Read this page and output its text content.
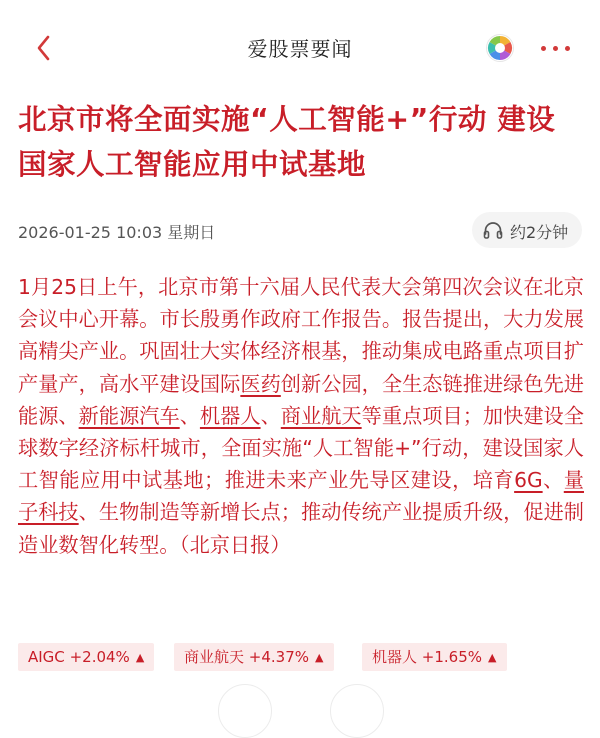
爱股票要闻
北京市将全面实施“人工智能+”行动 建设国家人工智能应用中试基地
2026-01-25 10:03 星期日	约2分钟
1月25日上午，北京市第十六届人民代表大会第四次会议在北京会议中心开幕。市长殷勇作政府工作报告。报告提出，大力发展高精尖产业。巩固壮大实体经济根基，推动集成电路重点项目扩产量产，高水平建设国际医药创新公园，全生态链推进绿色先进能源、新能源汽车、机器人、商业航天等重点项目；加快建设全球数字经济标杆城市，全面实施“人工智能+”行动，建设国家人工智能应用中试基地；推进未来产业先导区建设，培育6G、量子科技、生物制造等新增长点；推动传统产业提质升级，促进制造业数智化转型。（北京日报）
AIGC +2.04% ▲	商业航天 +4.37% ▲	机器人 +1.65% ▲
